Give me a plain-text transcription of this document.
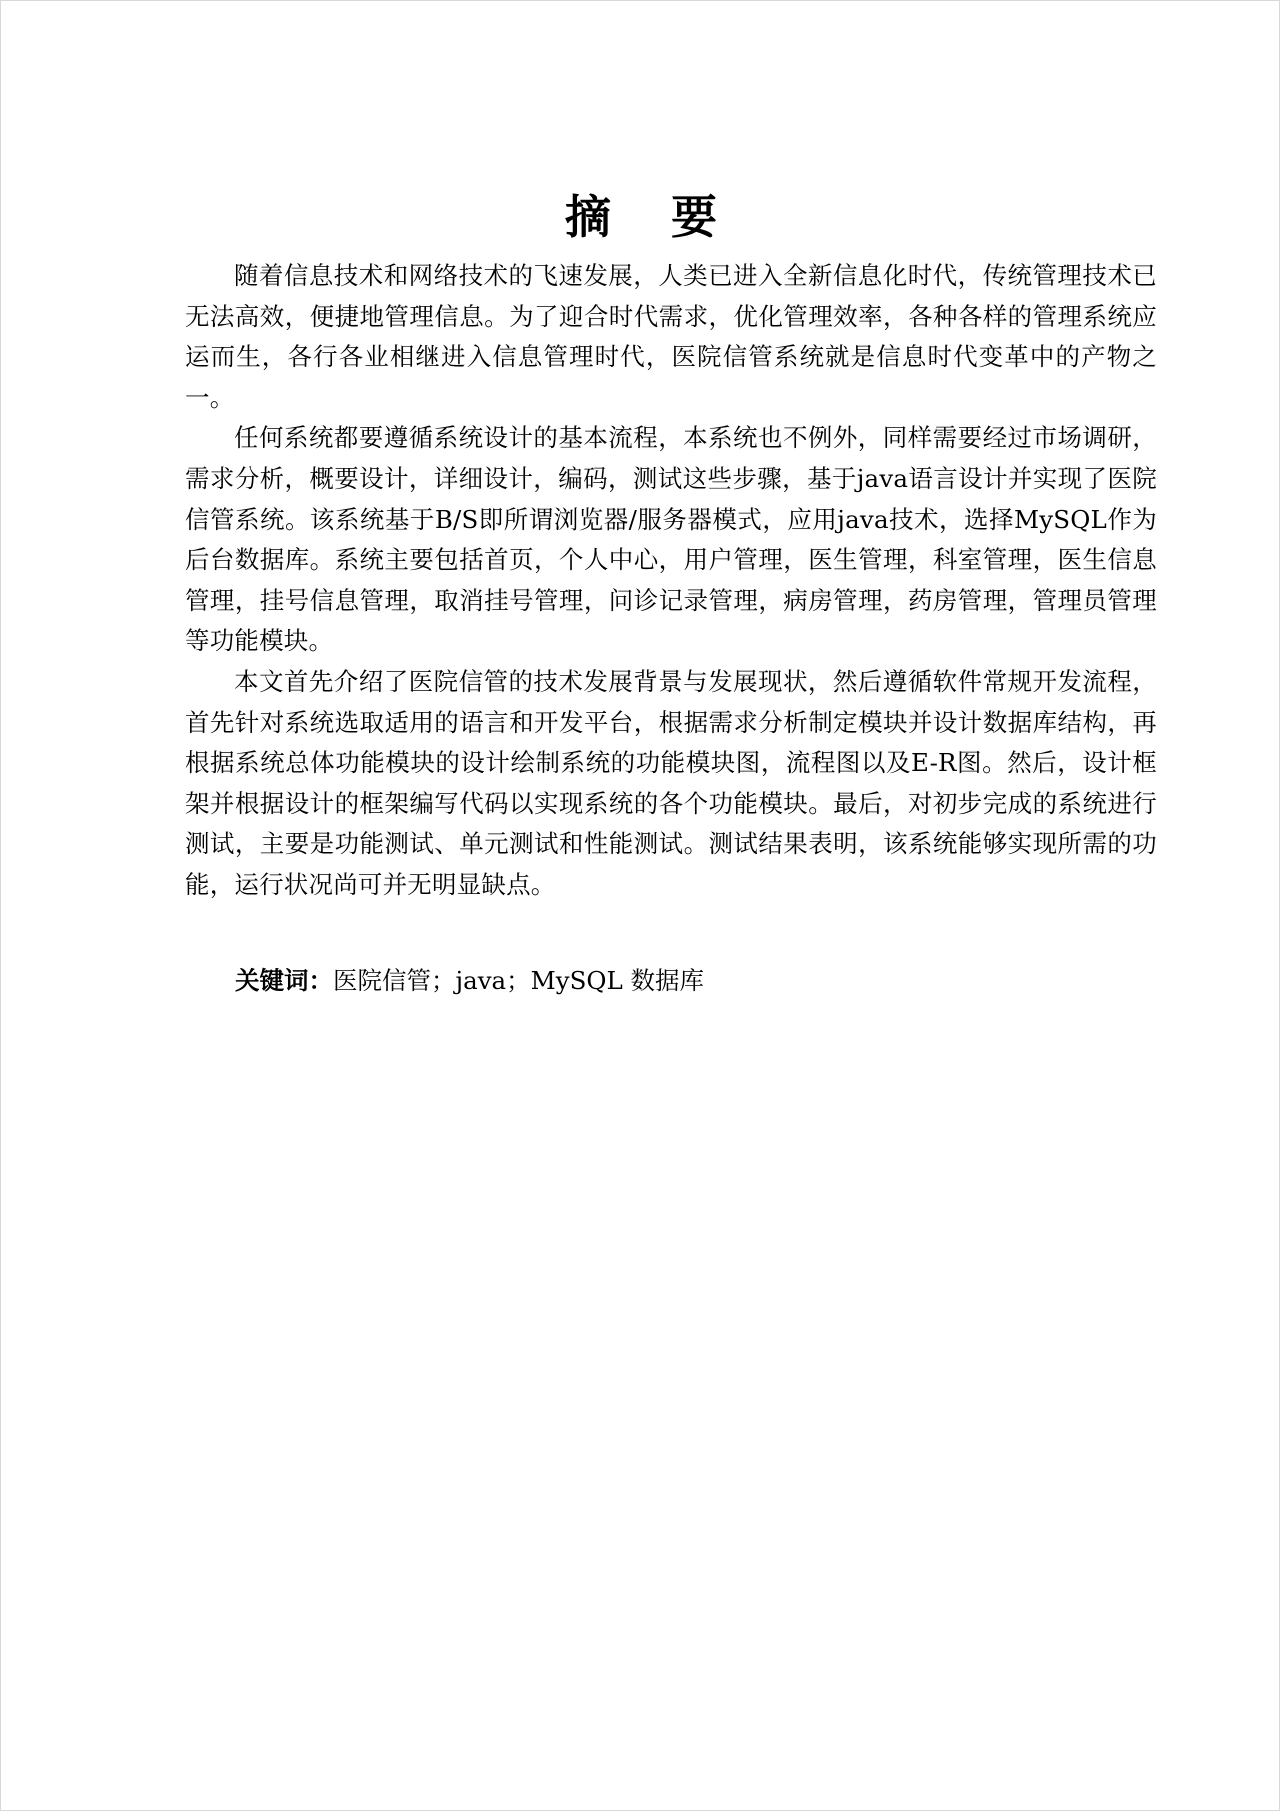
摘 要

随着信息技术和网络技术的飞速发展，人类已进入全新信息化时代，传统管理技术已无法高效，便捷地管理信息。为了迎合时代需求，优化管理效率，各种各样的管理系统应运而生，各行各业相继进入信息管理时代，医院信管系统就是信息时代变革中的产物之一。

任何系统都要遵循系统设计的基本流程，本系统也不例外，同样需要经过市场调研，需求分析，概要设计，详细设计，编码，测试这些步骤，基于java语言设计并实现了医院信管系统。该系统基于B/S即所谓浏览器/服务器模式，应用java技术，选择MySQL作为后台数据库。系统主要包括首页，个人中心，用户管理，医生管理，科室管理，医生信息管理，挂号信息管理，取消挂号管理，问诊记录管理，病房管理，药房管理，管理员管理等功能模块。

本文首先介绍了医院信管的技术发展背景与发展现状，然后遵循软件常规开发流程，首先针对系统选取适用的语言和开发平台，根据需求分析制定模块并设计数据库结构，再根据系统总体功能模块的设计绘制系统的功能模块图，流程图以及E-R图。然后，设计框架并根据设计的框架编写代码以实现系统的各个功能模块。最后，对初步完成的系统进行测试，主要是功能测试、单元测试和性能测试。测试结果表明，该系统能够实现所需的功能，运行状况尚可并无明显缺点。

关键词：医院信管；java；MySQL 数据库
